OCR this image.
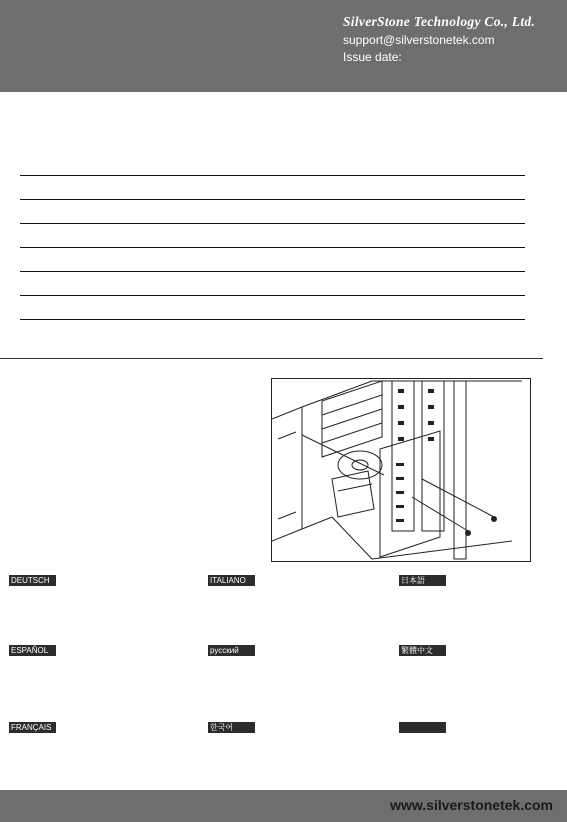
SilverStone Technology Co., Ltd.
support@silverstonetek.com
Issue date:
DEUTSCH	ITALIANO	日本語
ESPAÑOL	русский	繁體中文
FRANÇAIS	한국어
www.silverstonetek.com
